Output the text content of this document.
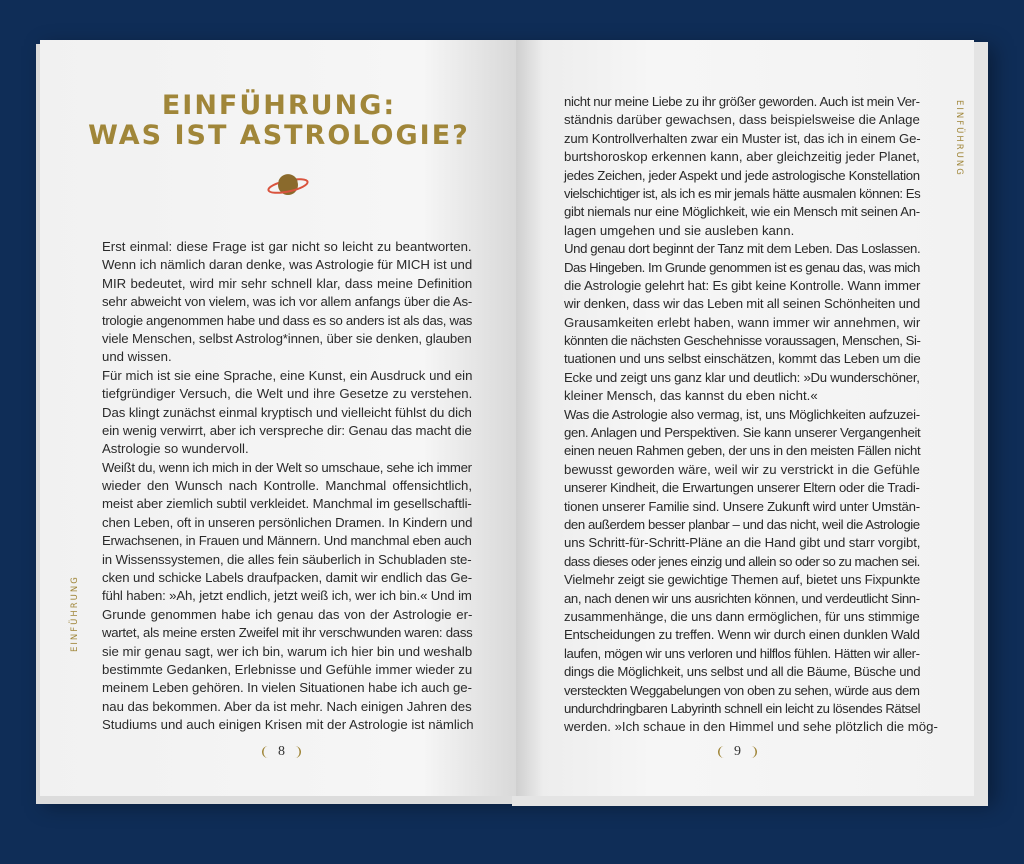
EINFÜHRUNG:
WAS IST ASTROLOGIE?
Erst einmal: diese Frage ist gar nicht so leicht zu beantworten.
Wenn ich nämlich daran denke, was Astrologie für MICH ist und
MIR bedeutet, wird mir sehr schnell klar, dass meine Definition
sehr abweicht von vielem, was ich vor allem anfangs über die As-
trologie angenommen habe und dass es so anders ist als das, was
viele Menschen, selbst Astrolog*innen, über sie denken, glauben
und wissen.
Für mich ist sie eine Sprache, eine Kunst, ein Ausdruck und ein
tiefgründiger Versuch, die Welt und ihre Gesetze zu verstehen.
Das klingt zunächst einmal kryptisch und vielleicht fühlst du dich
ein wenig verwirrt, aber ich verspreche dir: Genau das macht die
Astrologie so wundervoll.
Weißt du, wenn ich mich in der Welt so umschaue, sehe ich immer
wieder den Wunsch nach Kontrolle. Manchmal offensichtlich,
meist aber ziemlich subtil verkleidet. Manchmal im gesellschaftli-
chen Leben, oft in unseren persönlichen Dramen. In Kindern und
Erwachsenen, in Frauen und Männern. Und manchmal eben auch
in Wissenssystemen, die alles fein säuberlich in Schubladen ste-
cken und schicke Labels draufpacken, damit wir endlich das Ge-
fühl haben: »Ah, jetzt endlich, jetzt weiß ich, wer ich bin.« Und im
Grunde genommen habe ich genau das von der Astrologie er-
wartet, als meine ersten Zweifel mit ihr verschwunden waren: dass
sie mir genau sagt, wer ich bin, warum ich hier bin und weshalb
bestimmte Gedanken, Erlebnisse und Gefühle immer wieder zu
meinem Leben gehören. In vielen Situationen habe ich auch ge-
nau das bekommen. Aber da ist mehr. Nach einigen Jahren des
Studiums und auch einigen Krisen mit der Astrologie ist nämlich
EINFÜHRUNG
8
nicht nur meine Liebe zu ihr größer geworden. Auch ist mein Ver-
ständnis darüber gewachsen, dass beispielsweise die Anlage
zum Kontrollverhalten zwar ein Muster ist, das ich in einem Ge-
burtshoroskop erkennen kann, aber gleichzeitig jeder Planet,
jedes Zeichen, jeder Aspekt und jede astrologische Konstellation
vielschichtiger ist, als ich es mir jemals hätte ausmalen können: Es
gibt niemals nur eine Möglichkeit, wie ein Mensch mit seinen An-
lagen umgehen und sie ausleben kann.
Und genau dort beginnt der Tanz mit dem Leben. Das Loslassen.
Das Hingeben. Im Grunde genommen ist es genau das, was mich
die Astrologie gelehrt hat: Es gibt keine Kontrolle. Wann immer
wir denken, dass wir das Leben mit all seinen Schönheiten und
Grausamkeiten erlebt haben, wann immer wir annehmen, wir
könnten die nächsten Geschehnisse voraussagen, Menschen, Si-
tuationen und uns selbst einschätzen, kommt das Leben um die
Ecke und zeigt uns ganz klar und deutlich: »Du wunderschöner,
kleiner Mensch, das kannst du eben nicht.«
Was die Astrologie also vermag, ist, uns Möglichkeiten aufzuzei-
gen. Anlagen und Perspektiven. Sie kann unserer Vergangenheit
einen neuen Rahmen geben, der uns in den meisten Fällen nicht
bewusst geworden wäre, weil wir zu verstrickt in die Gefühle
unserer Kindheit, die Erwartungen unserer Eltern oder die Tradi-
tionen unserer Familie sind. Unsere Zukunft wird unter Umstän-
den außerdem besser planbar – und das nicht, weil die Astrologie
uns Schritt-für-Schritt-Pläne an die Hand gibt und starr vorgibt,
dass dieses oder jenes einzig und allein so oder so zu machen sei.
Vielmehr zeigt sie gewichtige Themen auf, bietet uns Fixpunkte
an, nach denen wir uns ausrichten können, und verdeutlicht Sinn-
zusammenhänge, die uns dann ermöglichen, für uns stimmige
Entscheidungen zu treffen. Wenn wir durch einen dunklen Wald
laufen, mögen wir uns verloren und hilflos fühlen. Hätten wir aller-
dings die Möglichkeit, uns selbst und all die Bäume, Büsche und
versteckten Weggabelungen von oben zu sehen, würde aus dem
undurchdringbaren Labyrinth schnell ein leicht zu lösendes Rätsel
werden. »Ich schaue in den Himmel und sehe plötzlich die mög-
EINFÜHRUNG
9
